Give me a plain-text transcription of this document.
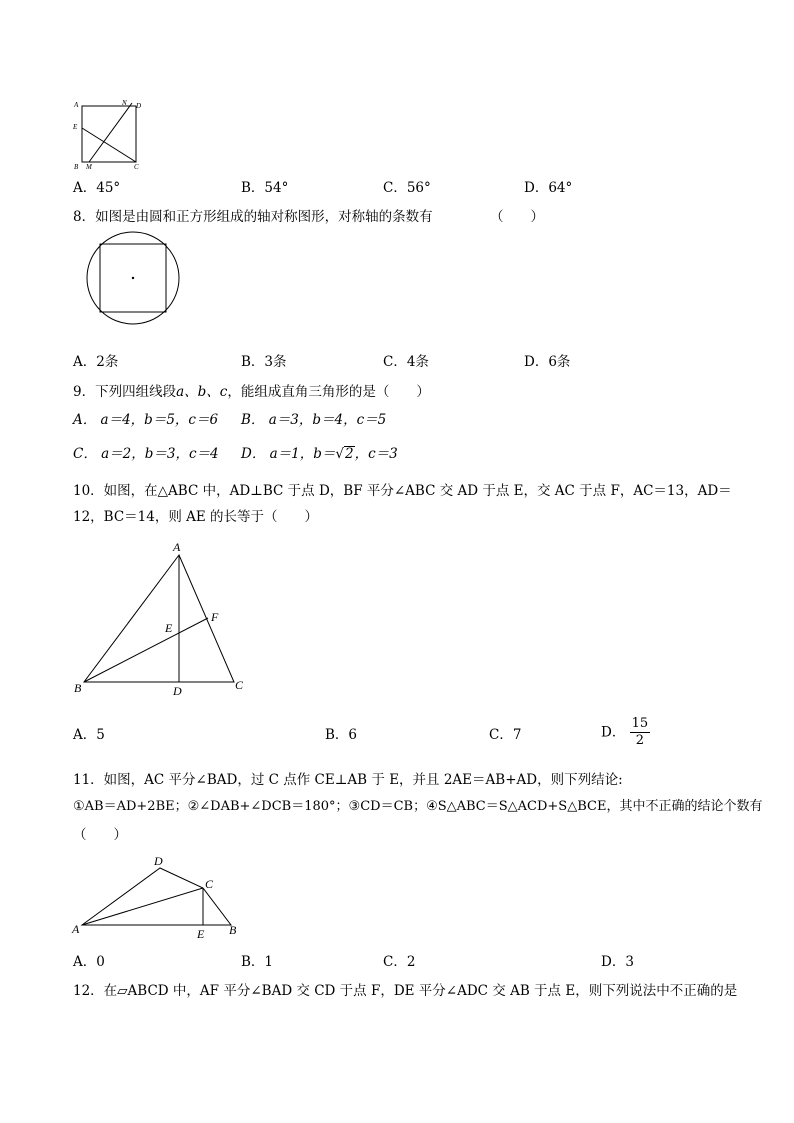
A	N D
E
B M	C
A．45°	B．54°	C．56°	D．64°
8．如图是由圆和正方形组成的轴对称图形，对称轴的条数有	（　　）
A．2条	B．3条	C．4条	D．6条
9．下列四组线段a、b、c，能组成直角三角形的是（　　）
A． a＝4，b＝5，c＝6 B． a＝3，b＝4，c＝5
C． a＝2，b＝3，c＝4 D． a＝1，b＝√2，c＝3
10．如图，在△ABC 中，AD⊥BC 于点 D，BF 平分∠ABC 交 AD 于点 E，交 AC 于点 F，AC＝13，AD＝
12，BC＝14，则 AE 的长等于（　　）
A
F
E
B	D	C
A．5	B．6	C．7	D． $\frac{15}{2}$
11．如图，AC 平分∠BAD，过 C 点作 CE⊥AB 于 E，并且 2AE＝AB+AD，则下列结论:
①AB＝AD+2BE；②∠DAB+∠DCB＝180°；③CD＝CB；④S△ABC＝S△ACD+S△BCE，其中不正确的结论个数有
（　　）
D
C
A	E B
A．0	B．1	C．2	D．3
12．在▱ABCD 中，AF 平分∠BAD 交 CD 于点 F，DE 平分∠ADC 交 AB 于点 E，则下列说法中不正确的是
